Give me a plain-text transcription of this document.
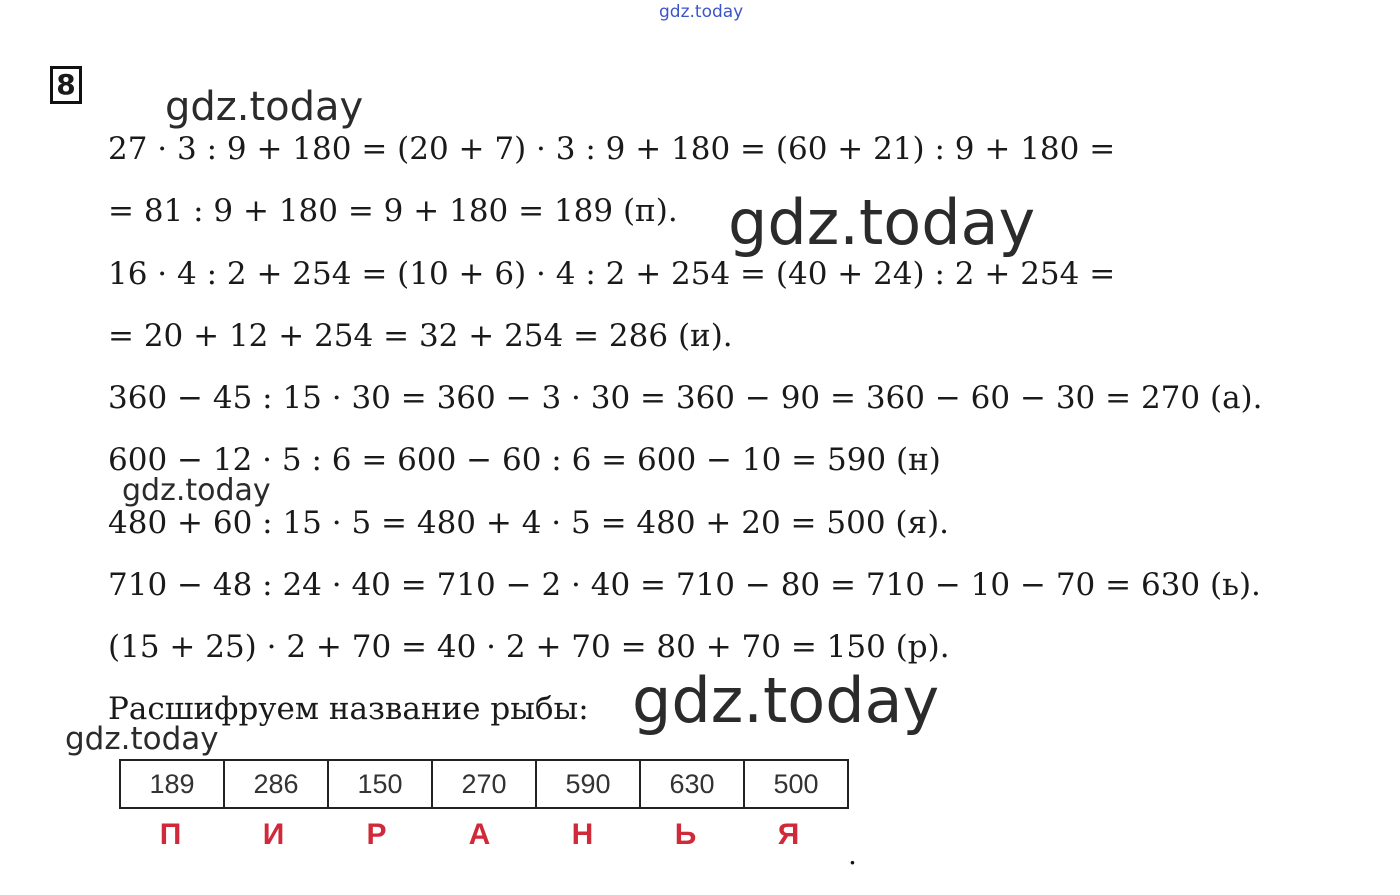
gdz.today
8 gdz.today
27 · 3 : 9 + 180 = (20 + 7) · 3 : 9 + 180 = (60 + 21) : 9 + 180 =
= 81 : 9 + 180 = 9 + 180 = 189 (п). gdz.today
16 · 4 : 2 + 254 = (10 + 6) · 4 : 2 + 254 = (40 + 24) : 2 + 254 =
= 20 + 12 + 254 = 32 + 254 = 286 (и).
360 − 45 : 15 · 30 = 360 − 3 · 30 = 360 − 90 = 360 − 60 − 30 = 270 (а).
600 − 12 · 5 : 6 = 600 − 60 : 6 = 600 − 10 = 590 (н)
gdz.today
480 + 60 : 15 · 5 = 480 + 4 · 5 = 480 + 20 = 500 (я).
710 − 48 : 24 · 40 = 710 − 2 · 40 = 710 − 80 = 710 − 10 − 70 = 630 (ь).
(15 + 25) · 2 + 70 = 40 · 2 + 70 = 80 + 70 = 150 (р).
Расшифруем название рыбы: gdz.today
gdz.today
189	286	150	270	590	630	500
П	И	Р	А	Н	Ь	Я
.
